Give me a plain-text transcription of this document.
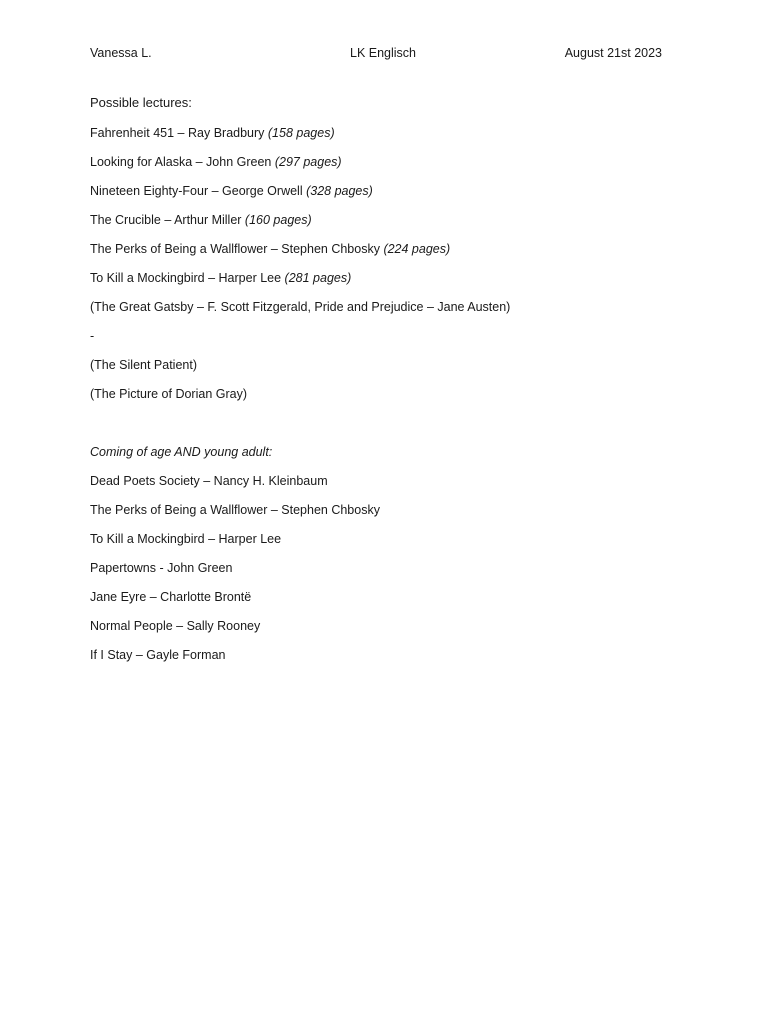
Vanessa L.	LK Englisch	August 21st 2023
Possible lectures:
Fahrenheit 451 – Ray Bradbury (158 pages)
Looking for Alaska – John Green (297 pages)
Nineteen Eighty-Four – George Orwell (328 pages)
The Crucible – Arthur Miller (160 pages)
The Perks of Being a Wallflower – Stephen Chbosky (224 pages)
To Kill a Mockingbird – Harper Lee (281 pages)
(The Great Gatsby – F. Scott Fitzgerald, Pride and Prejudice – Jane Austen)
-
(The Silent Patient)
(The Picture of Dorian Gray)
Coming of age AND young adult:
Dead Poets Society – Nancy H. Kleinbaum
The Perks of Being a Wallflower – Stephen Chbosky
To Kill a Mockingbird – Harper Lee
Papertowns - John Green
Jane Eyre – Charlotte Brontë
Normal People – Sally Rooney
If I Stay – Gayle Forman
